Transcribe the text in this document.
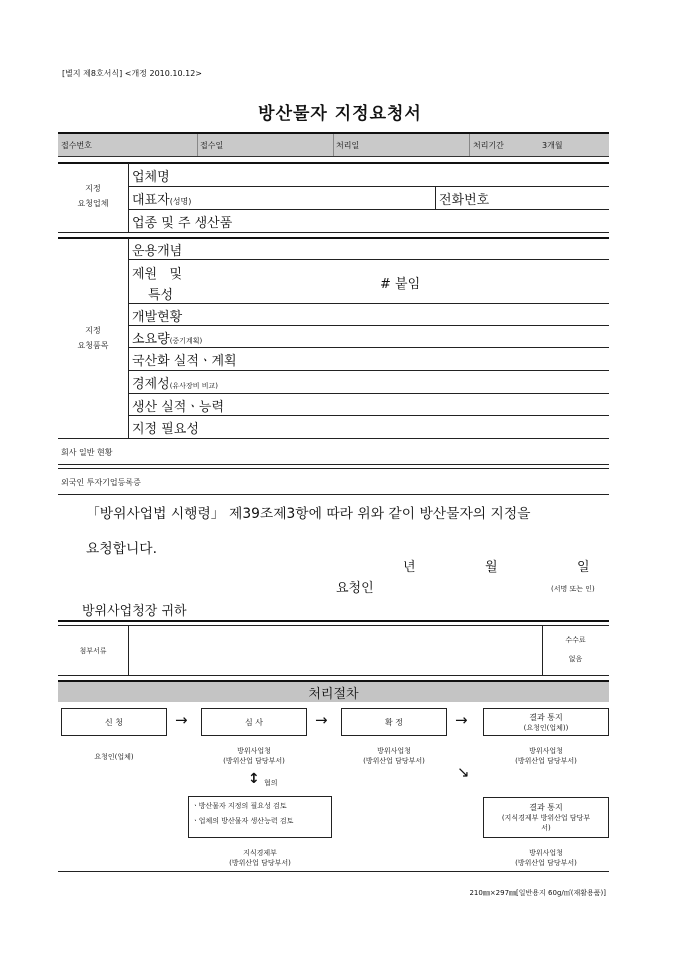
[별지 제8호서식] <개정 2010.10.12>
방산물자 지정요청서
접수번호	접수일	처리일	처리기간	3개월
지정
요청업체
업체명
대표자(성명)	전화번호
업종 및 주 생산품
지정
요청품목
운용개념
제원   및
특성
# 붙임
개발현황
소요량(중기계획)
국산화 실적ㆍ계획
경제성(유사장비 비교)
생산 실적ㆍ능력
지정 필요성
회사 일반 현황
외국인 투자기업등록증
「방위사업법 시행령」 제39조제3항에 따라 위와 같이 방산물자의 지정을
요청합니다.
년	월	일
요청인	(서명 또는 인)
방위사업청장 귀하
첨부서류
수수료
없음
처리절차
신 청	→	심 사	→	확 정	→	결과 통지
(요청인(업체))
요청인(업체)
방위사업청
(방위산업 담당부서)
방위사업청
(방위산업 담당부서)
방위사업청
(방위산업 담당부서)
↕ 협의
↘
ㆍ방산물자 지정의 필요성 검토
ㆍ업체의 방산물자 생산능력 검토
지식경제부
(방위산업 담당부서)
결과 통지
(지식경제부 방위산업 담당부
서)
방위사업청
(방위산업 담당부서)
210㎜×297㎜[일반용지 60g/㎡(재활용품)]
